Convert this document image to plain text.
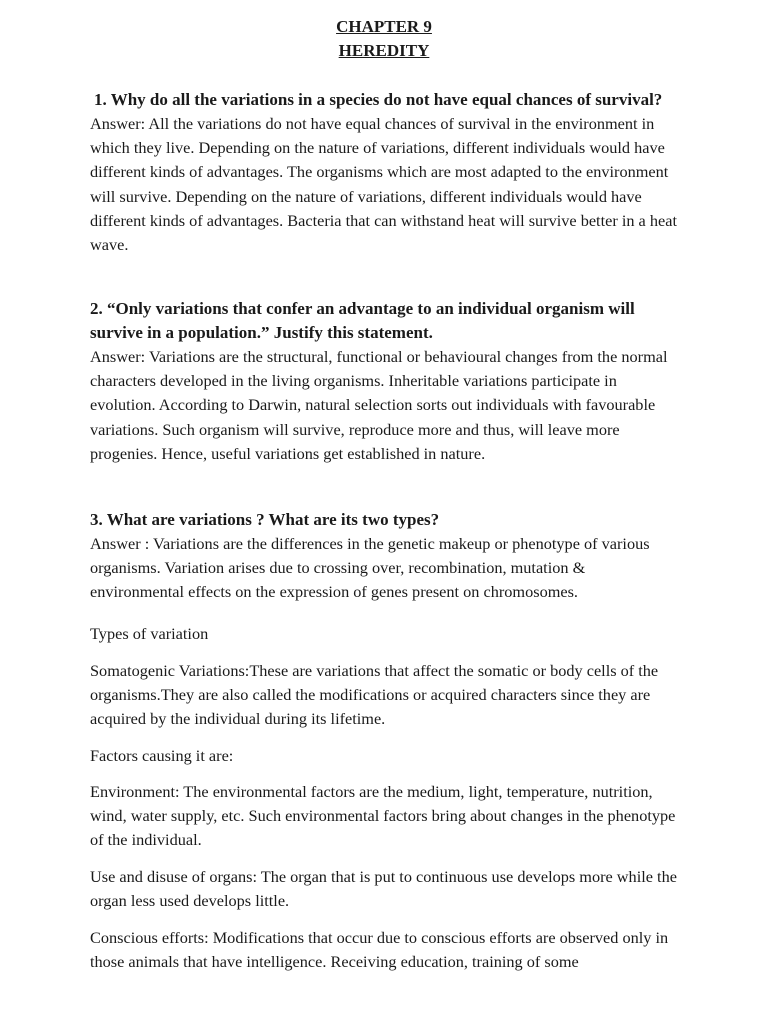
CHAPTER 9
HEREDITY

1. Why do all the variations in a species do not have equal chances of survival?

Answer: All the variations do not have equal chances of survival in the environment in which they live. Depending on the nature of variations, different individuals would have different kinds of advantages. The organisms which are most adapted to the environment will survive. Depending on the nature of variations, different individuals would have different kinds of advantages. Bacteria that can withstand heat will survive better in a heat wave.

2. “Only variations that confer an advantage to an individual organism will survive in a population.” Justify this statement.

Answer: Variations are the structural, functional or behavioural changes from the normal characters developed in the living organisms. Inheritable variations participate in evolution. According to Darwin, natural selection sorts out individuals with favourable variations. Such organism will survive, reproduce more and thus, will leave more progenies. Hence, useful variations get established in nature.

3. What are variations ? What are its two types?

Answer : Variations are the differences in the genetic makeup or phenotype of various organisms. Variation arises due to crossing over, recombination, mutation & environmental effects on the expression of genes present on chromosomes.

Types of variation

Somatogenic Variations:These are variations that affect the somatic or body cells of the organisms.They are also called the modifications or acquired characters since they are acquired by the individual during its lifetime.

Factors causing it are:

Environment: The environmental factors are the medium, light, temperature, nutrition, wind, water supply, etc. Such environmental factors bring about changes in the phenotype of the individual.

Use and disuse of organs: The organ that is put to continuous use develops more while the organ less used develops little.

Conscious efforts: Modifications that occur due to conscious efforts are observed only in those animals that have intelligence. Receiving education, training of some
